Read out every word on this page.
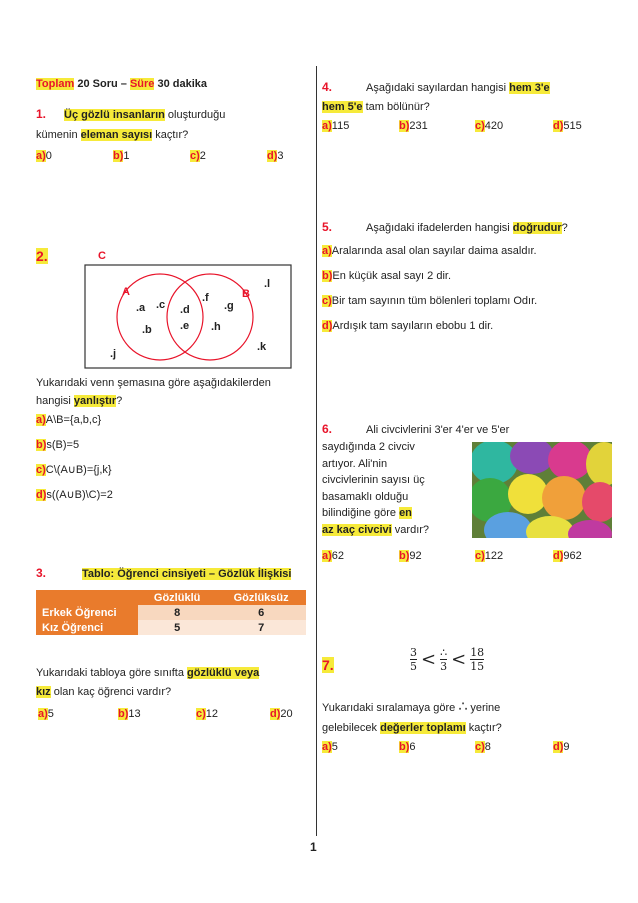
Toplam 20 Soru – Süre 30 dakika
1. Üç gözlü insanların oluşturduğu
kümenin eleman sayısı kaçtır?
a)0	b)1	c)2	d)3
2.	C
A	B
.a .c
.b
.d
.e
.f
.g
.h
.l
.j
.k
Yukarıdaki venn şemasına göre aşağıdakilerden
hangisi yanlıştır?
a)A\B={a,b,c}
b)s(B)=5
c)C\(A∪B)={j,k}
d)s((A∪B)\C)=2
3.	Tablo: Öğrenci cinsiyeti – Gözlük İlişkisi
	Gözlüklü	Gözlüksüz
Erkek Öğrenci	8	6
Kız Öğrenci	5	7
Yukarıdaki tabloya göre sınıfta gözlüklü veya
kız olan kaç öğrenci vardır?
a)5	b)13	c)12	d)20
4.	Aşağıdaki sayılardan hangisi hem 3'e
hem 5'e tam bölünür?
a)115	b)231	c)420	d)515
5.	Aşağıdaki ifadelerden hangisi doğrudur?
a)Aralarında asal olan sayılar daima asaldır.
b)En küçük asal sayı 2 dir.
c)Bir tam sayının tüm bölenleri toplamı Odır.
d)Ardışık tam sayıların ebobu 1 dir.
6.	Ali civcivlerini 3'er 4'er ve 5'er
saydığında 2 civciv
artıyor. Ali'nin
civcivlerinin sayısı üç
basamaklı olduğu
bilindiğine göre en
az kaç civcivi vardır?
a)62	b)92	c)122	d)962
7.	$\frac{3}{5} < \frac{\therefore}{3} < \frac{18}{15}$
Yukarıdaki sıralamaya göre ∴ yerine
gelebilecek değerler toplamı kaçtır?
a)5	b)6	c)8	d)9
1
